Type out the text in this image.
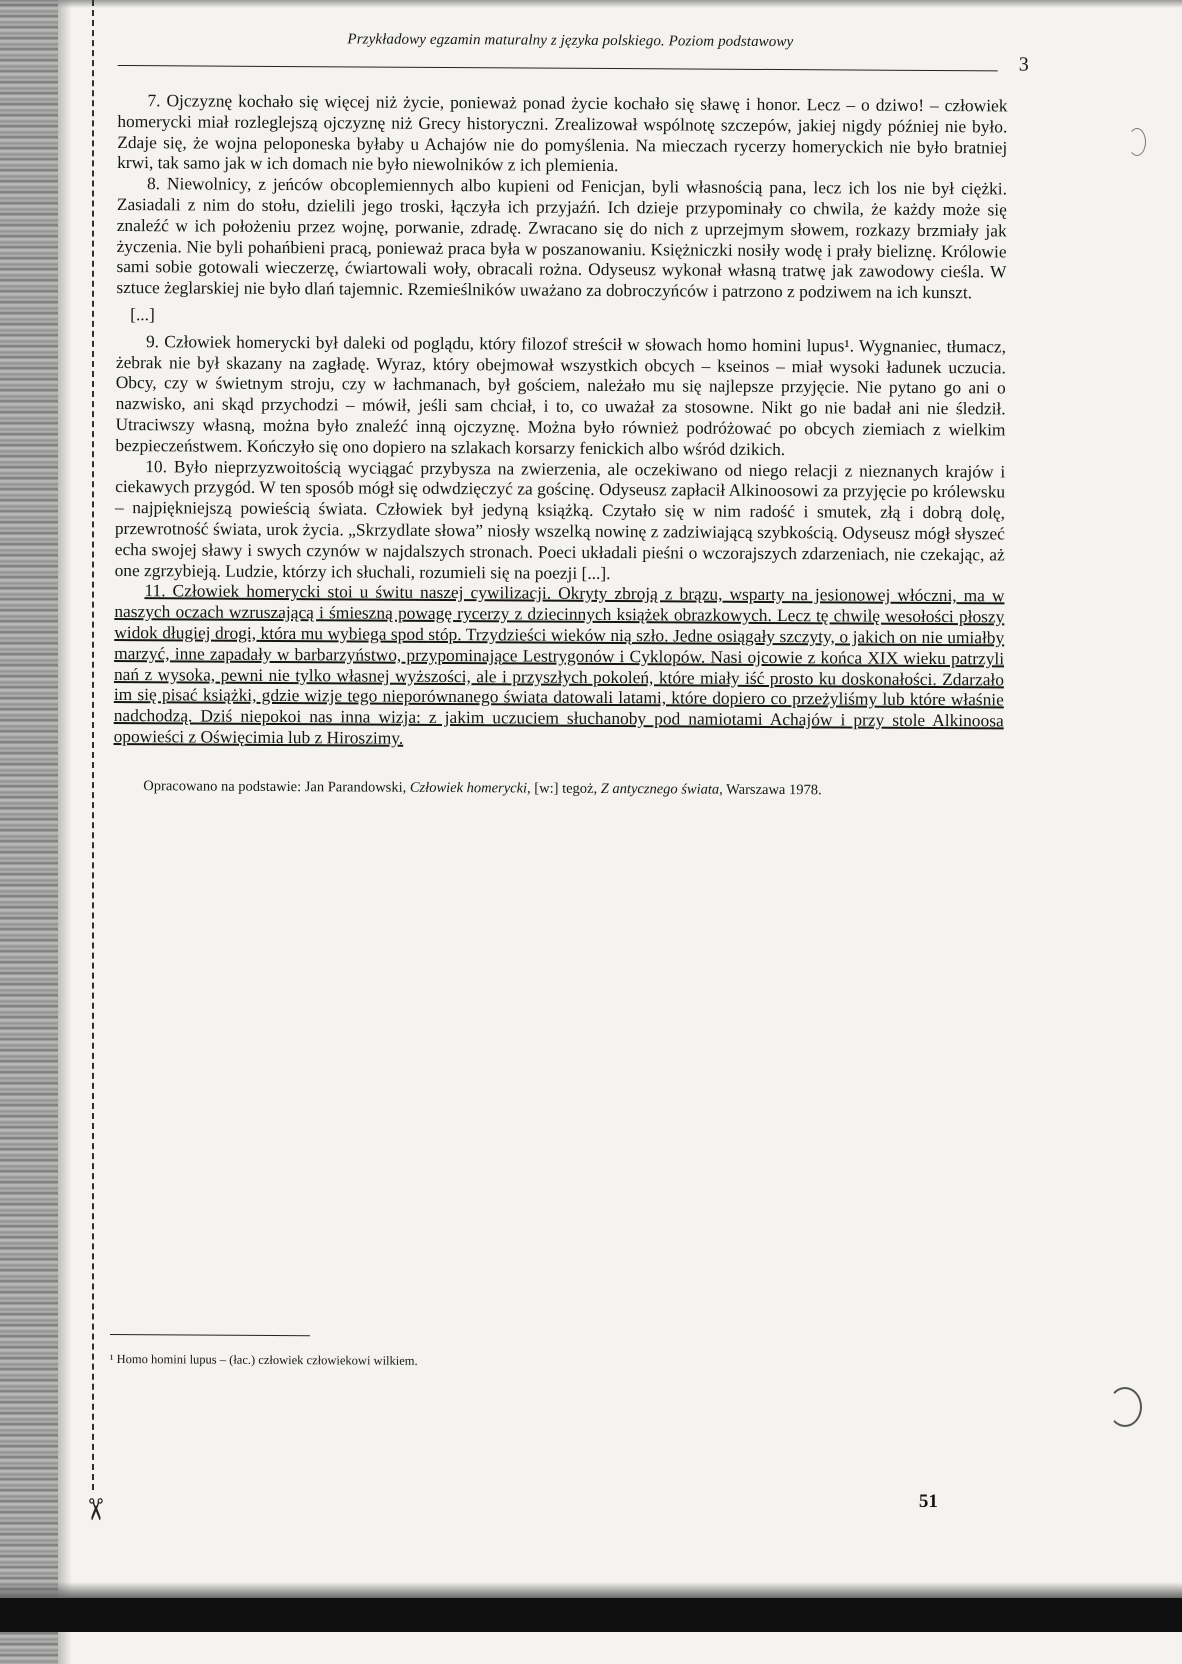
✂
Przykładowy egzamin maturalny z języka polskiego. Poziom podstawowy
3

7. Ojczyznę kochało się więcej niż życie, ponieważ ponad życie kochało się sławę i honor. Lecz – o dziwo! – człowiek homerycki miał rozleglejszą ojczyznę niż Grecy historyczni. Zrealizował wspólnotę szczepów, jakiej nigdy później nie było. Zdaje się, że wojna peloponeska byłaby u Achajów nie do pomyślenia. Na mieczach rycerzy homeryckich nie było bratniej krwi, tak samo jak w ich domach nie było niewolników z ich plemienia.

8. Niewolnicy, z jeńców obcoplemiennych albo kupieni od Fenicjan, byli własnością pana, lecz ich los nie był ciężki. Zasiadali z nim do stołu, dzielili jego troski, łączyła ich przyjaźń. Ich dzieje przypominały co chwila, że każdy może się znaleźć w ich położeniu przez wojnę, porwanie, zdradę. Zwracano się do nich z uprzejmym słowem, rozkazy brzmiały jak życzenia. Nie byli pohańbieni pracą, ponieważ praca była w poszanowaniu. Księżniczki nosiły wodę i prały bieliznę. Królowie sami sobie gotowali wieczerzę, ćwiartowali woły, obracali rożna. Odyseusz wykonał własną tratwę jak zawodowy cieśla. W sztuce żeglarskiej nie było dlań tajemnic. Rzemieślników uważano za dobroczyńców i patrzono z podziwem na ich kunszt.

[...]

9. Człowiek homerycki był daleki od poglądu, który filozof streścił w słowach homo homini lupus¹. Wygnaniec, tłumacz, żebrak nie był skazany na zagładę. Wyraz, który obejmował wszystkich obcych – kseinos – miał wysoki ładunek uczucia. Obcy, czy w świetnym stroju, czy w łachmanach, był gościem, należało mu się najlepsze przyjęcie. Nie pytano go ani o nazwisko, ani skąd przychodzi – mówił, jeśli sam chciał, i to, co uważał za stosowne. Nikt go nie badał ani nie śledził. Utraciwszy własną, można było znaleźć inną ojczyznę. Można było również podróżować po obcych ziemiach z wielkim bezpieczeństwem. Kończyło się ono dopiero na szlakach korsarzy fenickich albo wśród dzikich.

10. Było nieprzyzwoitością wyciągać przybysza na zwierzenia, ale oczekiwano od niego relacji z nieznanych krajów i ciekawych przygód. W ten sposób mógł się odwdzięczyć za gościnę. Odyseusz zapłacił Alkinoosowi za przyjęcie po królewsku – najpiękniejszą powieścią świata. Człowiek był jedyną książką. Czytało się w nim radość i smutek, złą i dobrą dolę, przewrotność świata, urok życia. „Skrzydlate słowa” niosły wszelką nowinę z zadziwiającą szybkością. Odyseusz mógł słyszeć echa swojej sławy i swych czynów w najdalszych stronach. Poeci układali pieśni o wczorajszych zdarzeniach, nie czekając, aż one zgrzybieją. Ludzie, którzy ich słuchali, rozumieli się na poezji [...].

11. Człowiek homerycki stoi u świtu naszej cywilizacji. Okryty zbroją z brązu, wsparty na jesionowej włóczni, ma w naszych oczach wzruszającą i śmieszną powagę rycerzy z dziecinnych książek obrazkowych. Lecz tę chwilę wesołości płoszy widok długiej drogi, która mu wybiega spod stóp. Trzydzieści wieków nią szło. Jedne osiągały szczyty, o jakich on nie umiałby marzyć, inne zapadały w barbarzyństwo, przypominające Lestrygonów i Cyklopów. Nasi ojcowie z końca XIX wieku patrzyli nań z wysoka, pewni nie tylko własnej wyższości, ale i przyszłych pokoleń, które miały iść prosto ku doskonałości. Zdarzało im się pisać książki, gdzie wizje tego nieporównanego świata datowali latami, które dopiero co przeżyliśmy lub które właśnie nadchodzą. Dziś niepokoi nas inna wizja: z jakim uczuciem słuchanoby pod namiotami Achajów i przy stole Alkinoosa opowieści z Oświęcimia lub z Hiroszimy.

Opracowano na podstawie: Jan Parandowski, Człowiek homerycki, [w:] tegoż, Z antycznego świata, Warszawa 1978.
¹ Homo homini lupus – (łac.) człowiek człowiekowi wilkiem.
51
